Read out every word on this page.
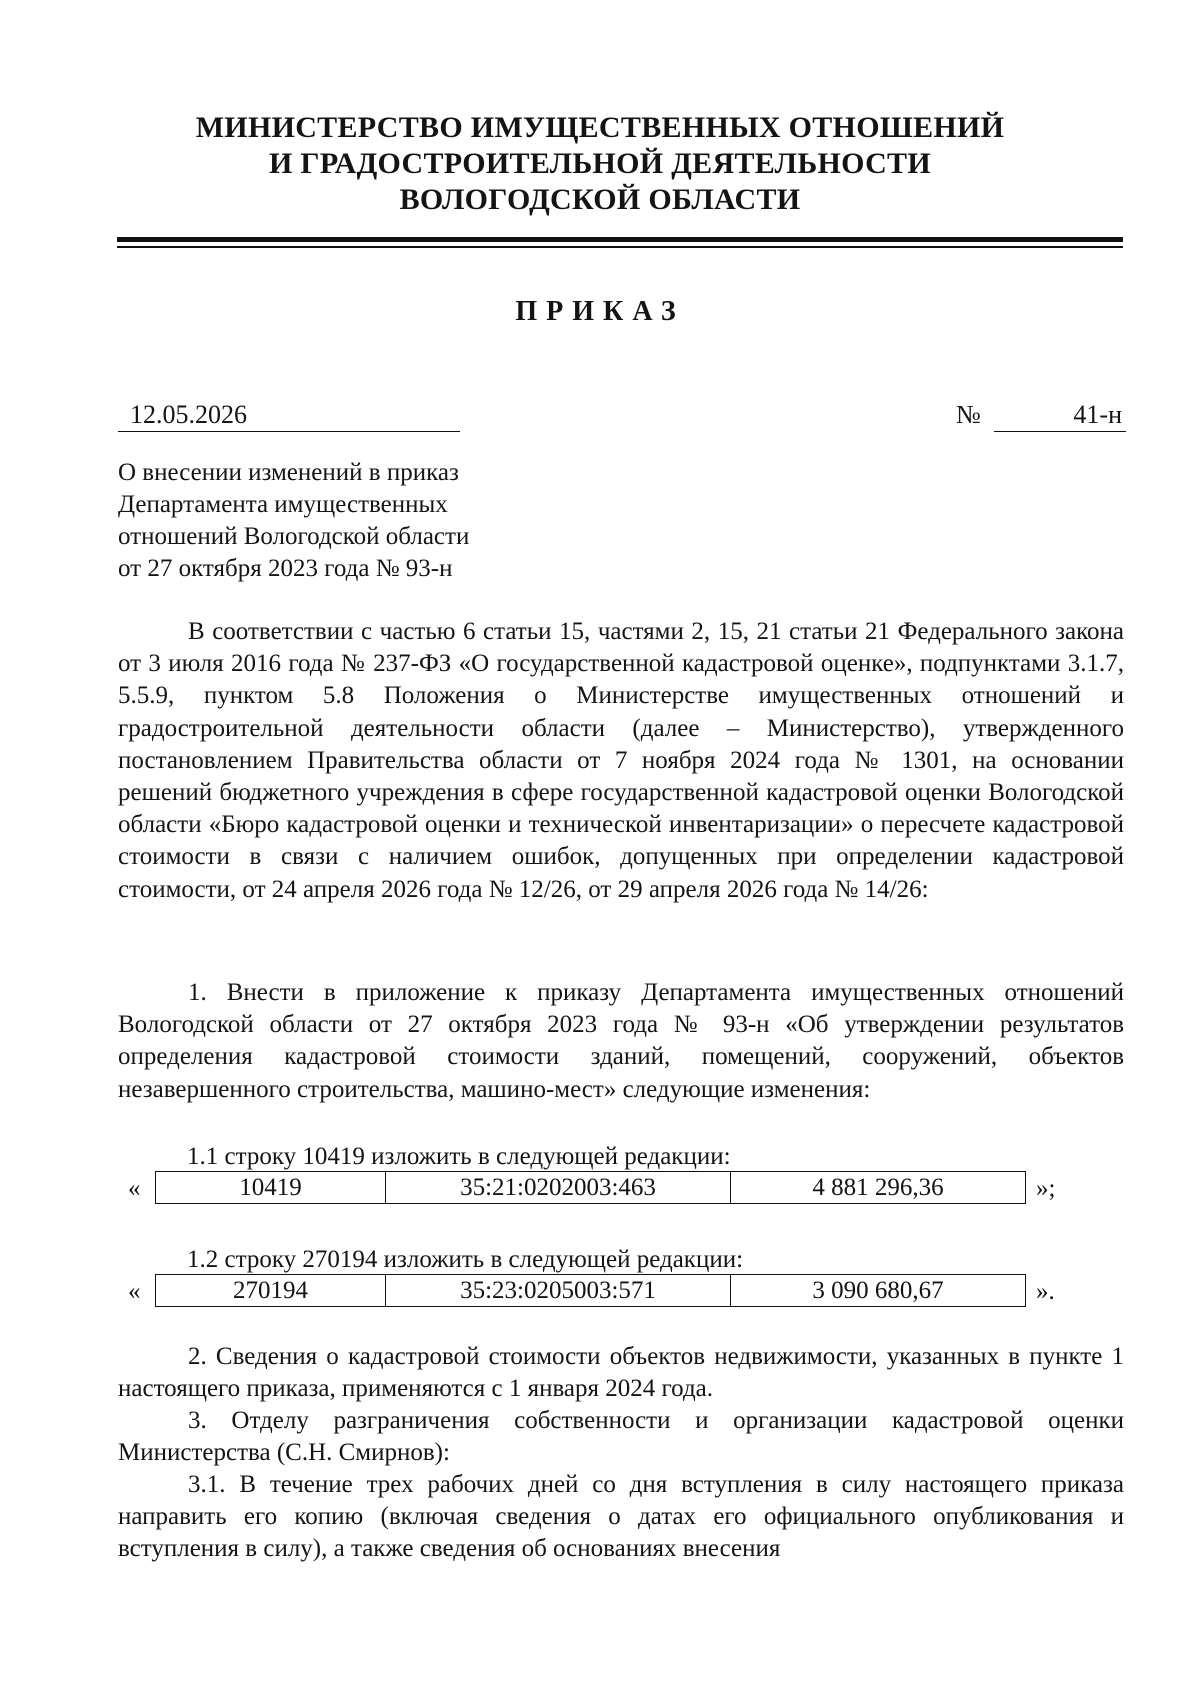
МИНИСТЕРСТВО ИМУЩЕСТВЕННЫХ ОТНОШЕНИЙ
И ГРАДОСТРОИТЕЛЬНОЙ ДЕЯТЕЛЬНОСТИ
ВОЛОГОДСКОЙ ОБЛАСТИ
ПРИКАЗ
12.05.2026	№	41-н
О внесении изменений в приказ
Департамента имущественных
отношений Вологодской области
от 27 октября 2023 года № 93-н
В соответствии с частью 6 статьи 15, частями 2, 15, 21 статьи 21 Федерального закона от 3 июля 2016 года № 237-ФЗ «О государственной кадастровой оценке», подпунктами 3.1.7, 5.5.9, пунктом 5.8 Положения о Министерстве имущественных отношений и градостроительной деятельности области (далее – Министерство), утвержденного постановлением Правительства области от 7 ноября 2024 года № 1301, на основании решений бюджетного учреждения в сфере государственной кадастровой оценки Вологодской области «Бюро кадастровой оценки и технической инвентаризации» о пересчете кадастровой стоимости в связи с наличием ошибок, допущенных при определении кадастровой стоимости, от 24 апреля 2026 года № 12/26, от 29 апреля 2026 года № 14/26:
1. Внести в приложение к приказу Департамента имущественных отношений Вологодской области от 27 октября 2023 года № 93-н «Об утверждении результатов определения кадастровой стоимости зданий, помещений, сооружений, объектов незавершенного строительства, машино-мест» следующие изменения:
1.1 строку 10419 изложить в следующей редакции:
«	10419	35:21:0202003:463	4 881 296,36	»;
1.2 строку 270194 изложить в следующей редакции:
«	270194	35:23:0205003:571	3 090 680,67	».
2. Сведения о кадастровой стоимости объектов недвижимости, указанных в пункте 1 настоящего приказа, применяются с 1 января 2024 года.
3. Отделу разграничения собственности и организации кадастровой оценки Министерства (С.Н. Смирнов):
3.1. В течение трех рабочих дней со дня вступления в силу настоящего приказа направить его копию (включая сведения о датах его официального опубликования и вступления в силу), а также сведения об основаниях внесения
